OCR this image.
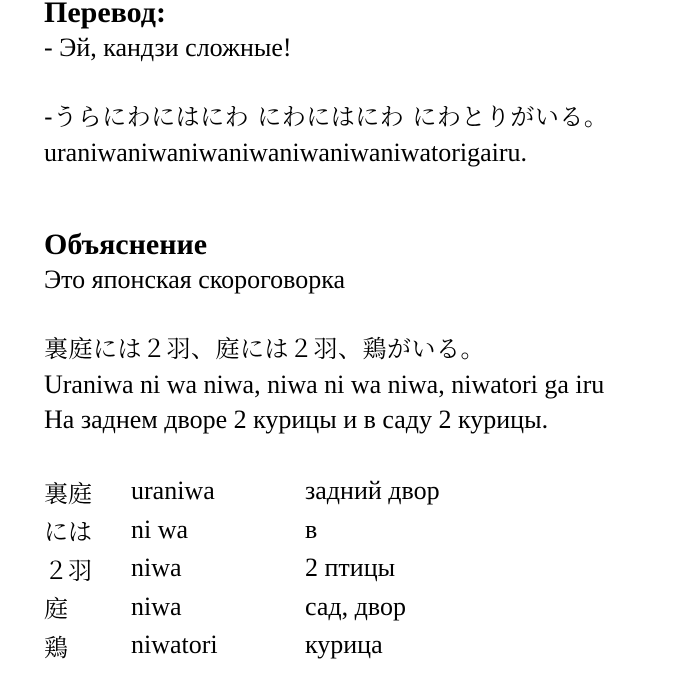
Перевод:

- Эй, кандзи сложные!

-うらにわにはにわ にわにはにわ にわとりがいる。

uraniwaniwaniwaniwaniwaniwaniwatorigairu.

Объяснение

Это японская скороговорка

裏庭には２羽、庭には２羽、鶏がいる。

Uraniwa ni wa niwa, niwa ni wa niwa, niwatori ga iru

На заднем дворе 2 курицы и в саду 2 курицы.

裏庭	uraniwa	задний двор
には	ni wa	в
２羽	niwa	2 птицы
庭	niwa	сад, двор
鶏	niwatori	курица
